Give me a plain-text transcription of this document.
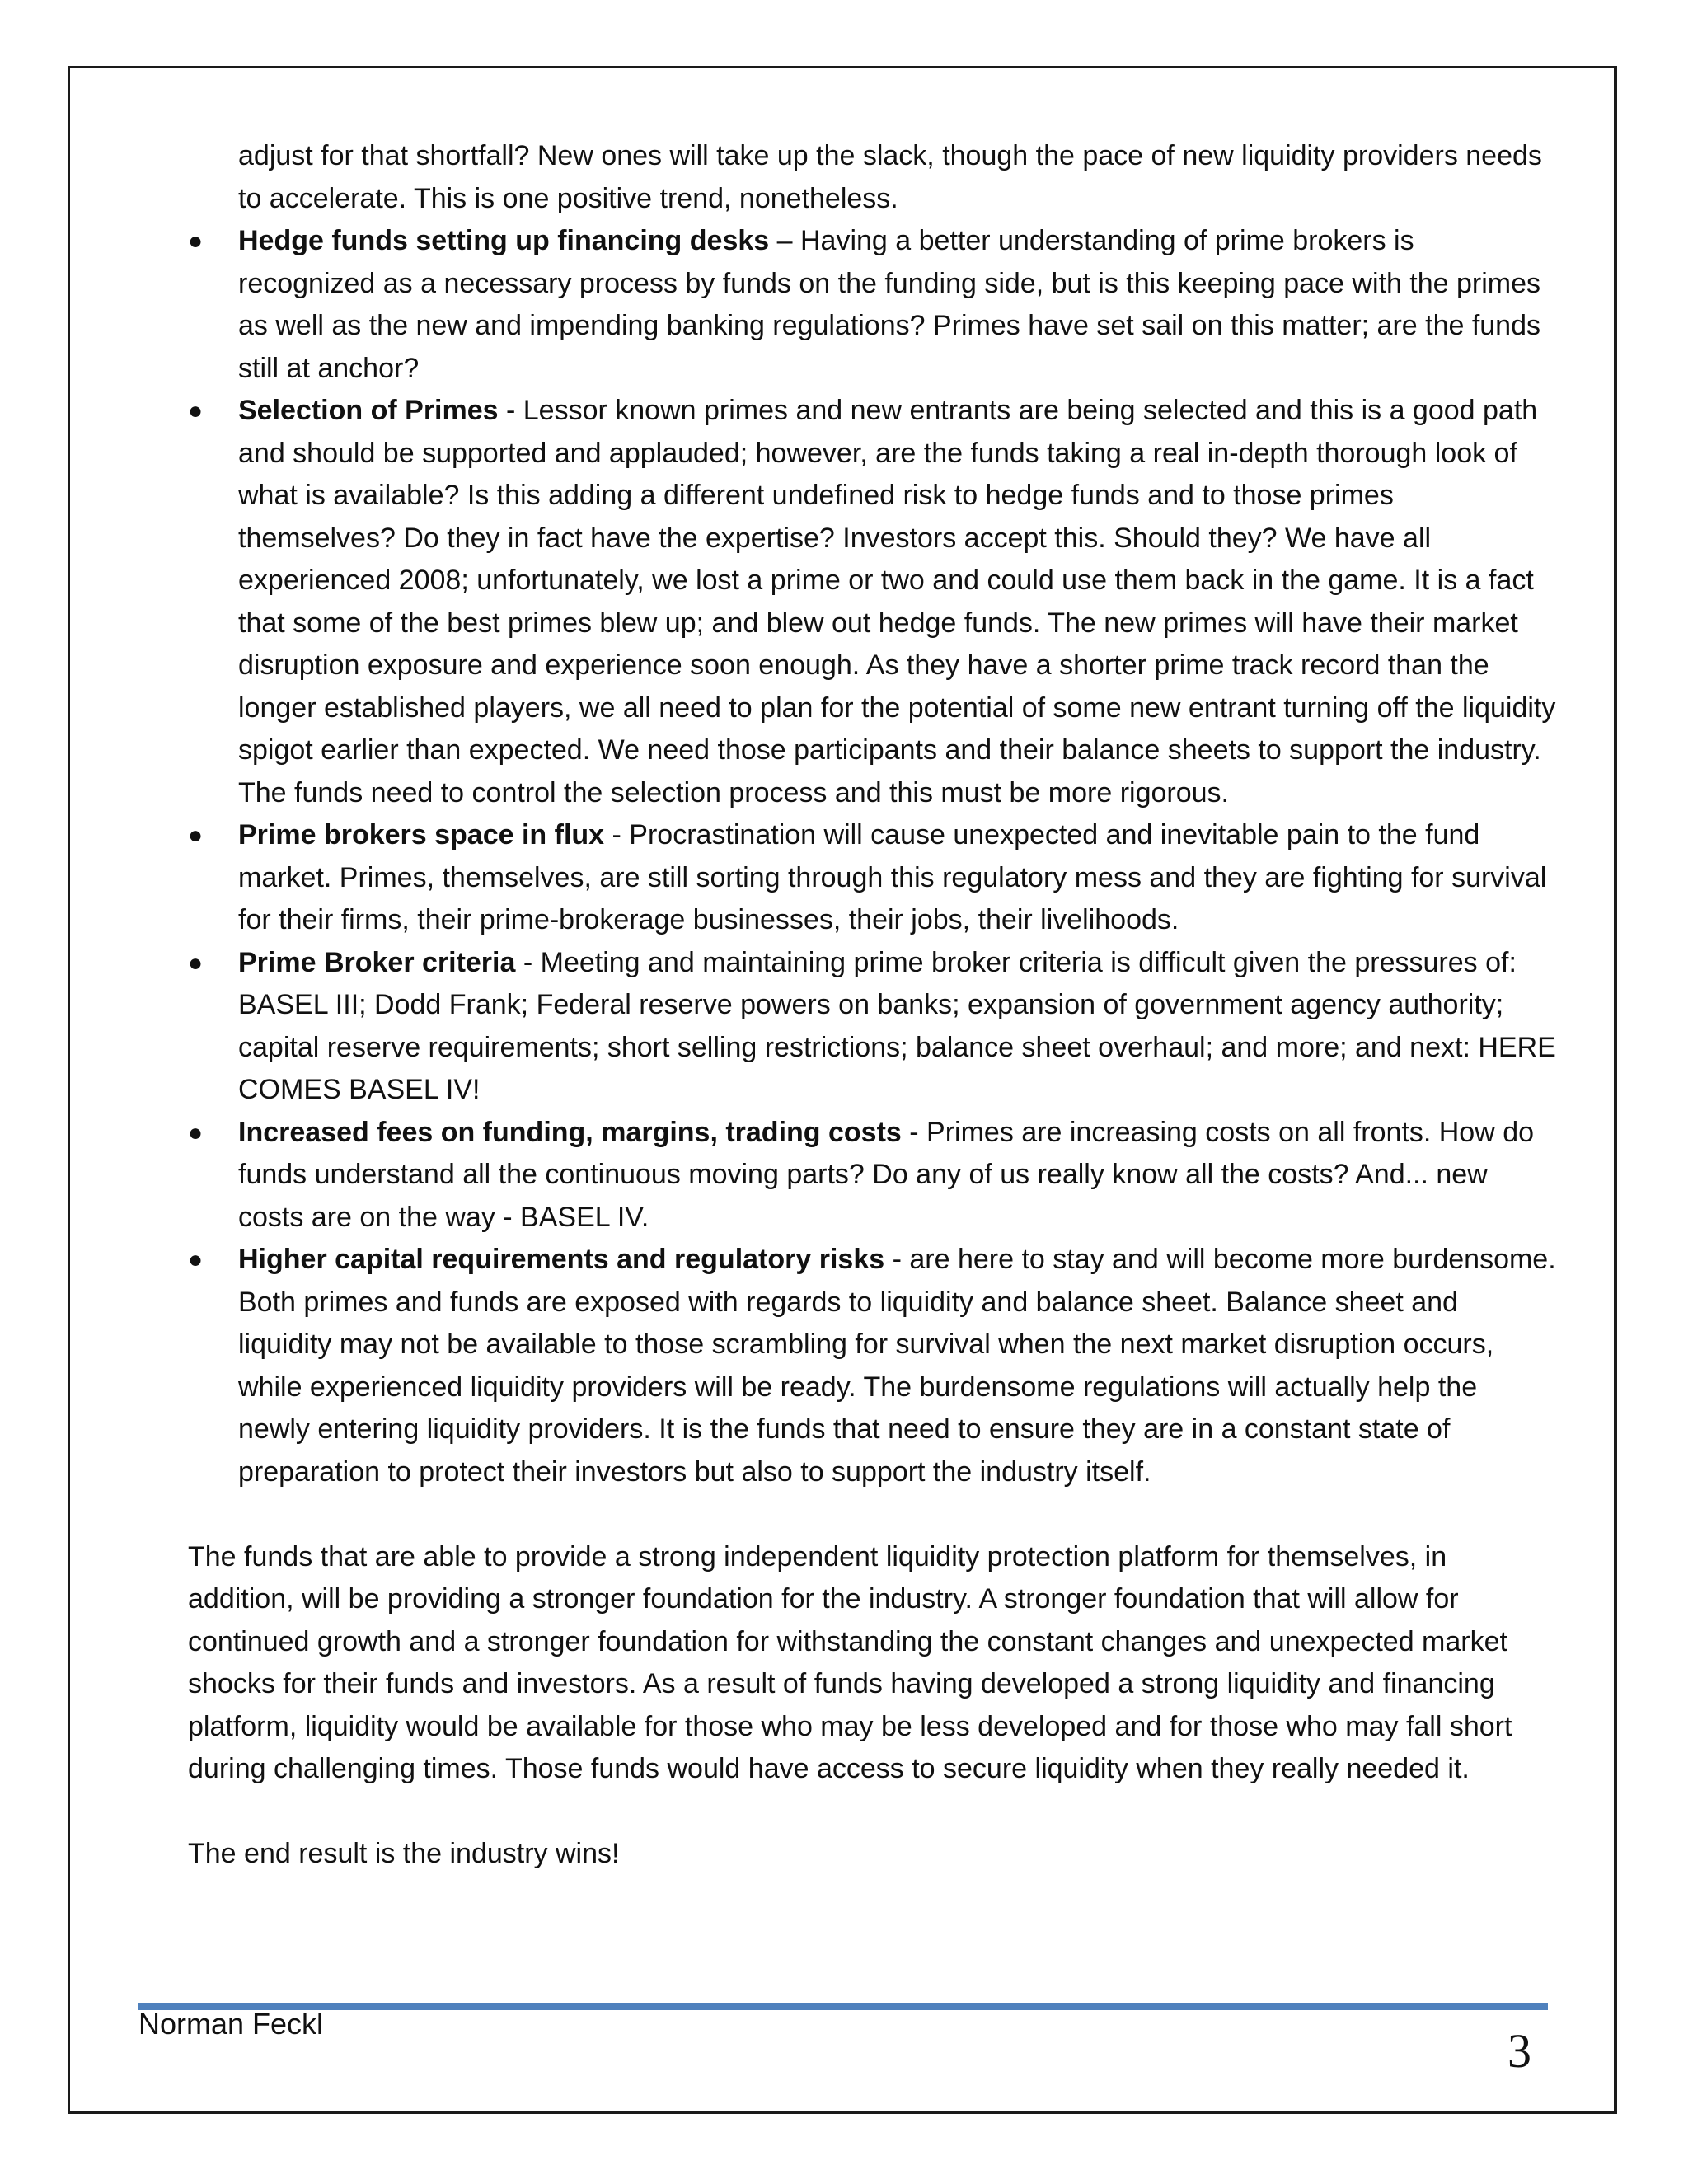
adjust for that shortfall? New ones will take up the slack, though the pace of new liquidity providers needs to accelerate. This is one positive trend, nonetheless.

● Hedge funds setting up financing desks – Having a better understanding of prime brokers is recognized as a necessary process by funds on the funding side, but is this keeping pace with the primes as well as the new and impending banking regulations? Primes have set sail on this matter; are the funds still at anchor?
● Selection of Primes - Lessor known primes and new entrants are being selected and this is a good path and should be supported and applauded; however, are the funds taking a real in-depth thorough look of what is available? Is this adding a different undefined risk to hedge funds and to those primes themselves? Do they in fact have the expertise? Investors accept this. Should they? We have all experienced 2008; unfortunately, we lost a prime or two and could use them back in the game. It is a fact that some of the best primes blew up; and blew out hedge funds. The new primes will have their market disruption exposure and experience soon enough. As they have a shorter prime track record than the longer established players, we all need to plan for the potential of some new entrant turning off the liquidity spigot earlier than expected. We need those participants and their balance sheets to support the industry. The funds need to control the selection process and this must be more rigorous.
● Prime brokers space in flux - Procrastination will cause unexpected and inevitable pain to the fund market. Primes, themselves, are still sorting through this regulatory mess and they are fighting for survival for their firms, their prime-brokerage businesses, their jobs, their livelihoods.
● Prime Broker criteria - Meeting and maintaining prime broker criteria is difficult given the pressures of: BASEL III; Dodd Frank; Federal reserve powers on banks; expansion of government agency authority; capital reserve requirements; short selling restrictions; balance sheet overhaul; and more; and next: HERE COMES BASEL IV!
● Increased fees on funding, margins, trading costs - Primes are increasing costs on all fronts. How do funds understand all the continuous moving parts? Do any of us really know all the costs? And... new costs are on the way - BASEL IV.
● Higher capital requirements and regulatory risks - are here to stay and will become more burdensome. Both primes and funds are exposed with regards to liquidity and balance sheet. Balance sheet and liquidity may not be available to those scrambling for survival when the next market disruption occurs, while experienced liquidity providers will be ready. The burdensome regulations will actually help the newly entering liquidity providers. It is the funds that need to ensure they are in a constant state of preparation to protect their investors but also to support the industry itself.

The funds that are able to provide a strong independent liquidity protection platform for themselves, in addition, will be providing a stronger foundation for the industry. A stronger foundation that will allow for continued growth and a stronger foundation for withstanding the constant changes and unexpected market shocks for their funds and investors. As a result of funds having developed a strong liquidity and financing platform, liquidity would be available for those who may be less developed and for those who may fall short during challenging times. Those funds would have access to secure liquidity when they really needed it.

The end result is the industry wins!

Norman Feckl
3
